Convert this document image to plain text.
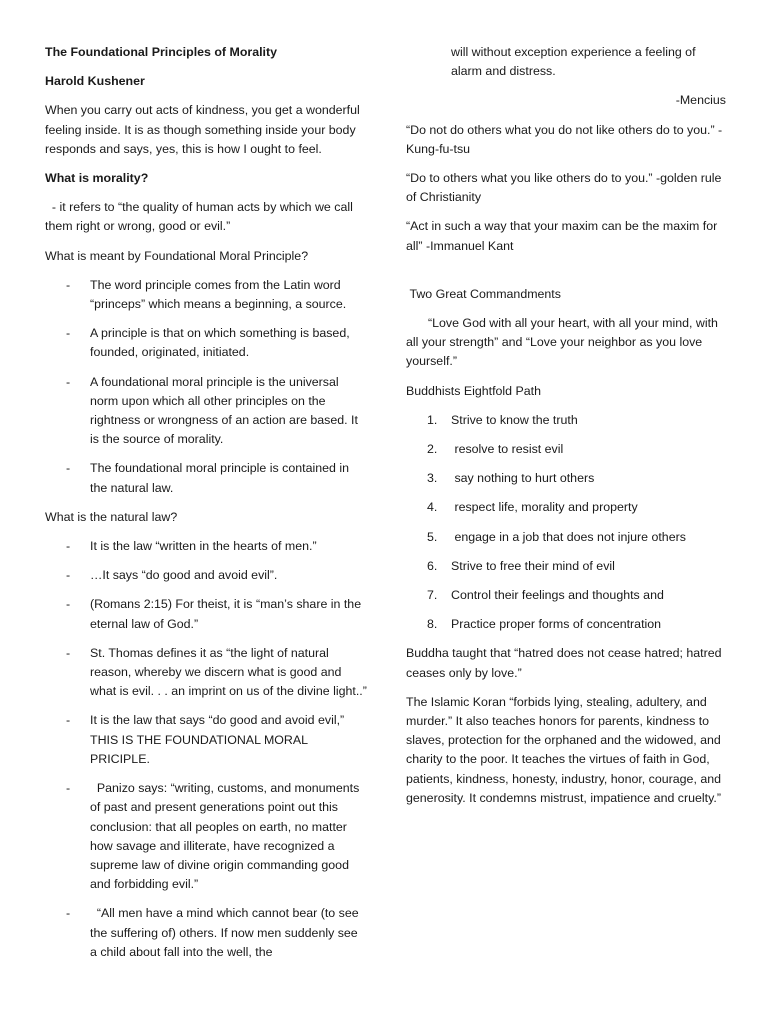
The Foundational Principles of Morality

Harold Kushener

When you carry out acts of kindness, you get a wonderful feeling inside. It is as though something inside your body responds and says, yes, this is how I ought to feel.

What is morality?

- it refers to “the quality of human acts by which we call them right or wrong, good or evil.”

What is meant by Foundational Moral Principle?

- The word principle comes from the Latin word “princeps” which means a beginning, a source.
- A principle is that on which something is based, founded, originated, initiated.
- A foundational moral principle is the universal norm upon which all other principles on the rightness or wrongness of an action are based. It is the source of morality.
- The foundational moral principle is contained in the natural law.

What is the natural law?

- It is the law “written in the hearts of men.”
- …It says “do good and avoid evil”.
- (Romans 2:15) For theist, it is “man’s share in the eternal law of God.”
- St. Thomas defines it as “the light of natural reason, whereby we discern what is good and what is evil. . . an imprint on us of the divine light..”
- It is the law that says “do good and avoid evil,” THIS IS THE FOUNDATIONAL MORAL PRICIPLE.
- Panizo says: “writing, customs, and monuments of past and present generations point out this conclusion: that all peoples on earth, no matter how savage and illiterate, have recognized a supreme law of divine origin commanding good and forbidding evil.”
- “All men have a mind which cannot bear (to see the suffering of) others. If now men suddenly see a child about fall into the well, the

will without exception experience a feeling of alarm and distress.

-Mencius

“Do not do others what you do not like others do to you.” -Kung-fu-tsu

“Do to others what you like others do to you.” -golden rule of Christianity

“Act in such a way that your maxim can be the maxim for all” -Immanuel Kant

Two Great Commandments

“Love God with all your heart, with all your mind, with all your strength” and “Love your neighbor as you love yourself.”

Buddhists Eightfold Path

1. Strive to know the truth
2. resolve to resist evil
3. say nothing to hurt others
4. respect life, morality and property
5. engage in a job that does not injure others
6. Strive to free their mind of evil
7. Control their feelings and thoughts and
8. Practice proper forms of concentration

Buddha taught that “hatred does not cease hatred; hatred ceases only by love.”

The Islamic Koran “forbids lying, stealing, adultery, and murder.” It also teaches honors for parents, kindness to slaves, protection for the orphaned and the widowed, and charity to the poor. It teaches the virtues of faith in God, patients, kindness, honesty, industry, honor, courage, and generosity. It condemns mistrust, impatience and cruelty.”
